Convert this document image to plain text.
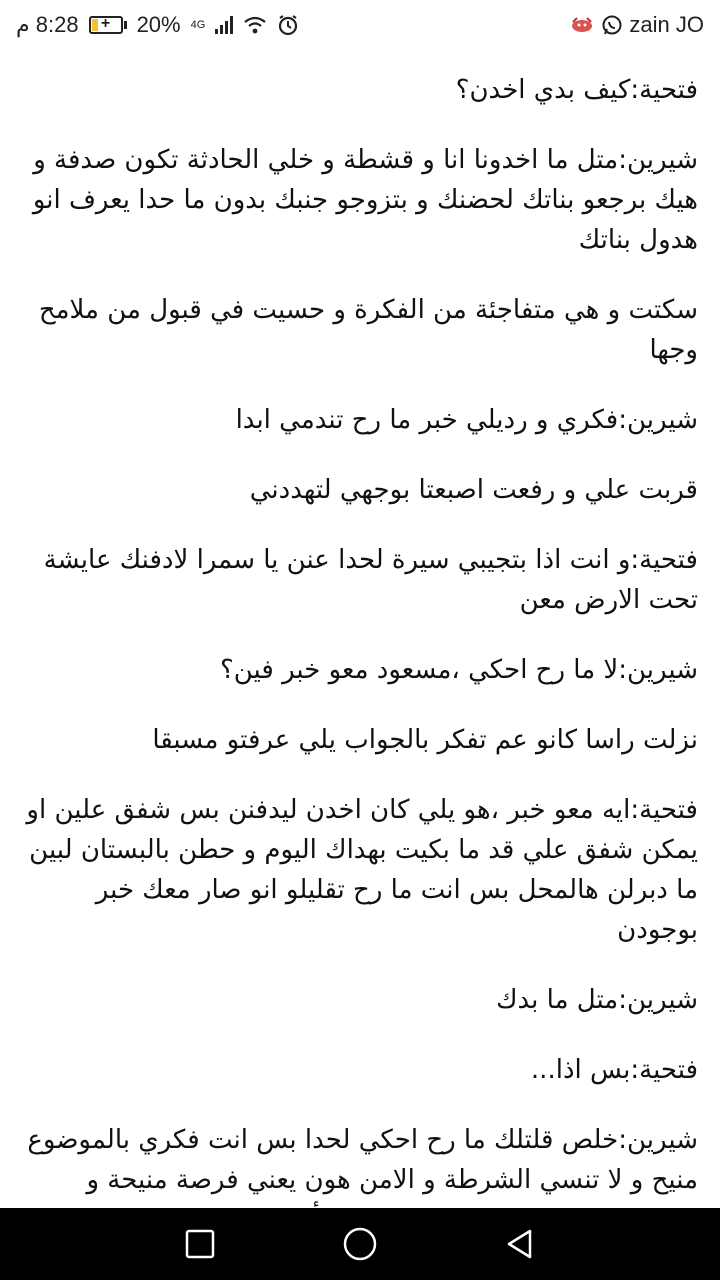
8:28 م	+	20% 4G	zain JO

فتحية:كيف بدي اخدن؟

شيرين:متل ما اخدونا انا و قشطة و خلي الحادثة تكون صدفة و هيك برجعو بناتك لحضنك و بتزوجو جنبك بدون ما حدا يعرف انو هدول بناتك

سكتت و هي متفاجئة من الفكرة و حسيت في قبول من ملامح وجها

شيرين:فكري و رديلي خبر ما رح تندمي ابدا

قربت علي و رفعت اصبعتا بوجهي لتهددني

فتحية:و انت اذا بتجيبي سيرة لحدا عنن يا سمرا لادفنك عايشة تحت الارض معن

شيرين:لا ما رح احكي ،مسعود معو خبر فين؟

نزلت راسا كانو عم تفكر بالجواب يلي عرفتو مسبقا

فتحية:ايه معو خبر ،هو يلي كان اخدن ليدفنن بس شفق علين او يمكن شفق علي قد ما بكيت بهداك اليوم و حطن بالبستان لبين ما دبرلن هالمحل بس انت ما رح تقليلو انو صار معك خبر بوجودن

شيرين:متل ما بدك

فتحية:بس اذا...

شيرين:خلص قلتلك ما رح احكي لحدا بس انت فكري بالموضوع منيح و لا تنسي الشرطة و الامن هون يعني فرصة منيحة و
